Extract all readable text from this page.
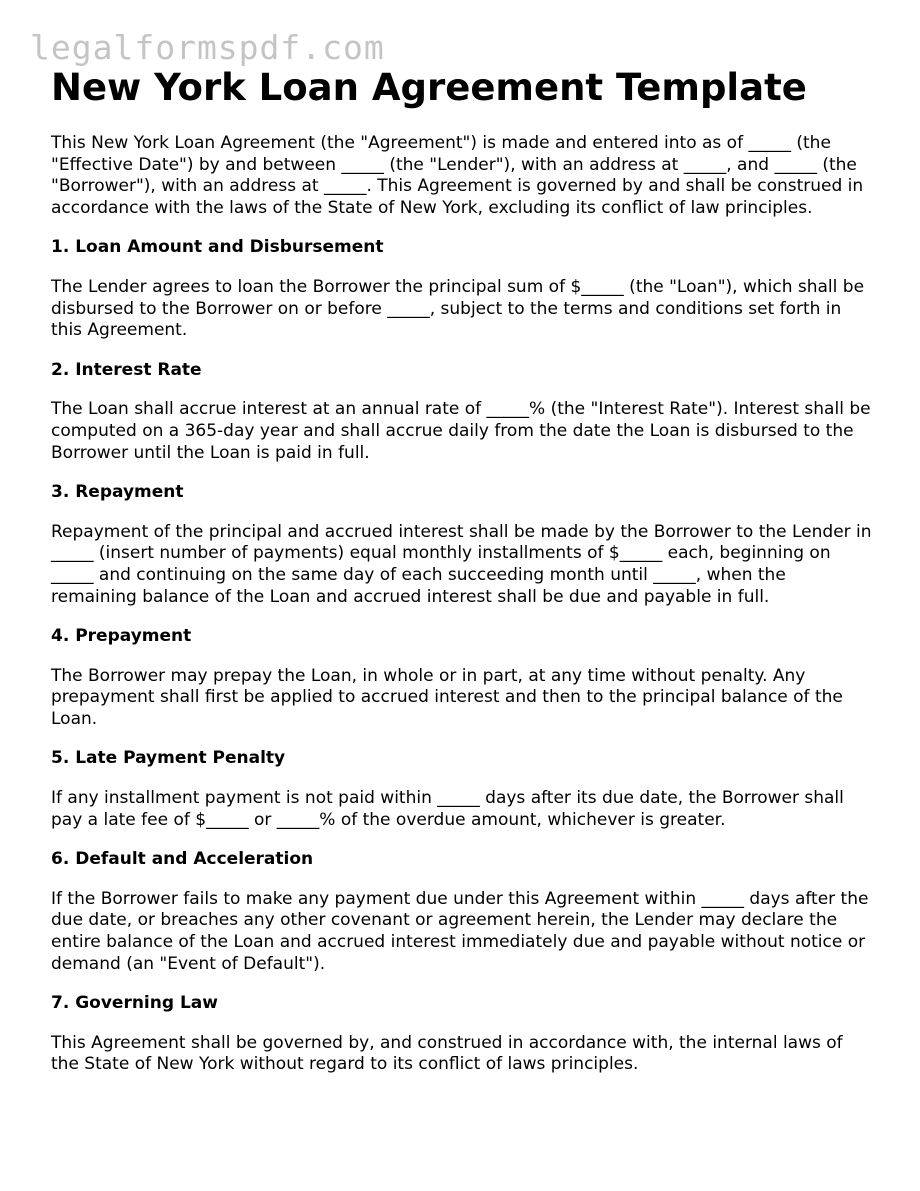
legalformspdf.com
New York Loan Agreement Template

This New York Loan Agreement (the "Agreement") is made and entered into as of _____ (the "Effective Date") by and between _____ (the "Lender"), with an address at _____, and _____ (the "Borrower"), with an address at _____. This Agreement is governed by and shall be construed in accordance with the laws of the State of New York, excluding its conflict of law principles.

1. Loan Amount and Disbursement

The Lender agrees to loan the Borrower the principal sum of $_____ (the "Loan"), which shall be disbursed to the Borrower on or before _____, subject to the terms and conditions set forth in this Agreement.

2. Interest Rate

The Loan shall accrue interest at an annual rate of _____% (the "Interest Rate"). Interest shall be computed on a 365-day year and shall accrue daily from the date the Loan is disbursed to the Borrower until the Loan is paid in full.

3. Repayment

Repayment of the principal and accrued interest shall be made by the Borrower to the Lender in _____ (insert number of payments) equal monthly installments of $_____ each, beginning on _____ and continuing on the same day of each succeeding month until _____, when the remaining balance of the Loan and accrued interest shall be due and payable in full.

4. Prepayment

The Borrower may prepay the Loan, in whole or in part, at any time without penalty. Any prepayment shall first be applied to accrued interest and then to the principal balance of the Loan.

5. Late Payment Penalty

If any installment payment is not paid within _____ days after its due date, the Borrower shall pay a late fee of $_____ or _____% of the overdue amount, whichever is greater.

6. Default and Acceleration

If the Borrower fails to make any payment due under this Agreement within _____ days after the due date, or breaches any other covenant or agreement herein, the Lender may declare the entire balance of the Loan and accrued interest immediately due and payable without notice or demand (an "Event of Default").

7. Governing Law

This Agreement shall be governed by, and construed in accordance with, the internal laws of the State of New York without regard to its conflict of laws principles.
